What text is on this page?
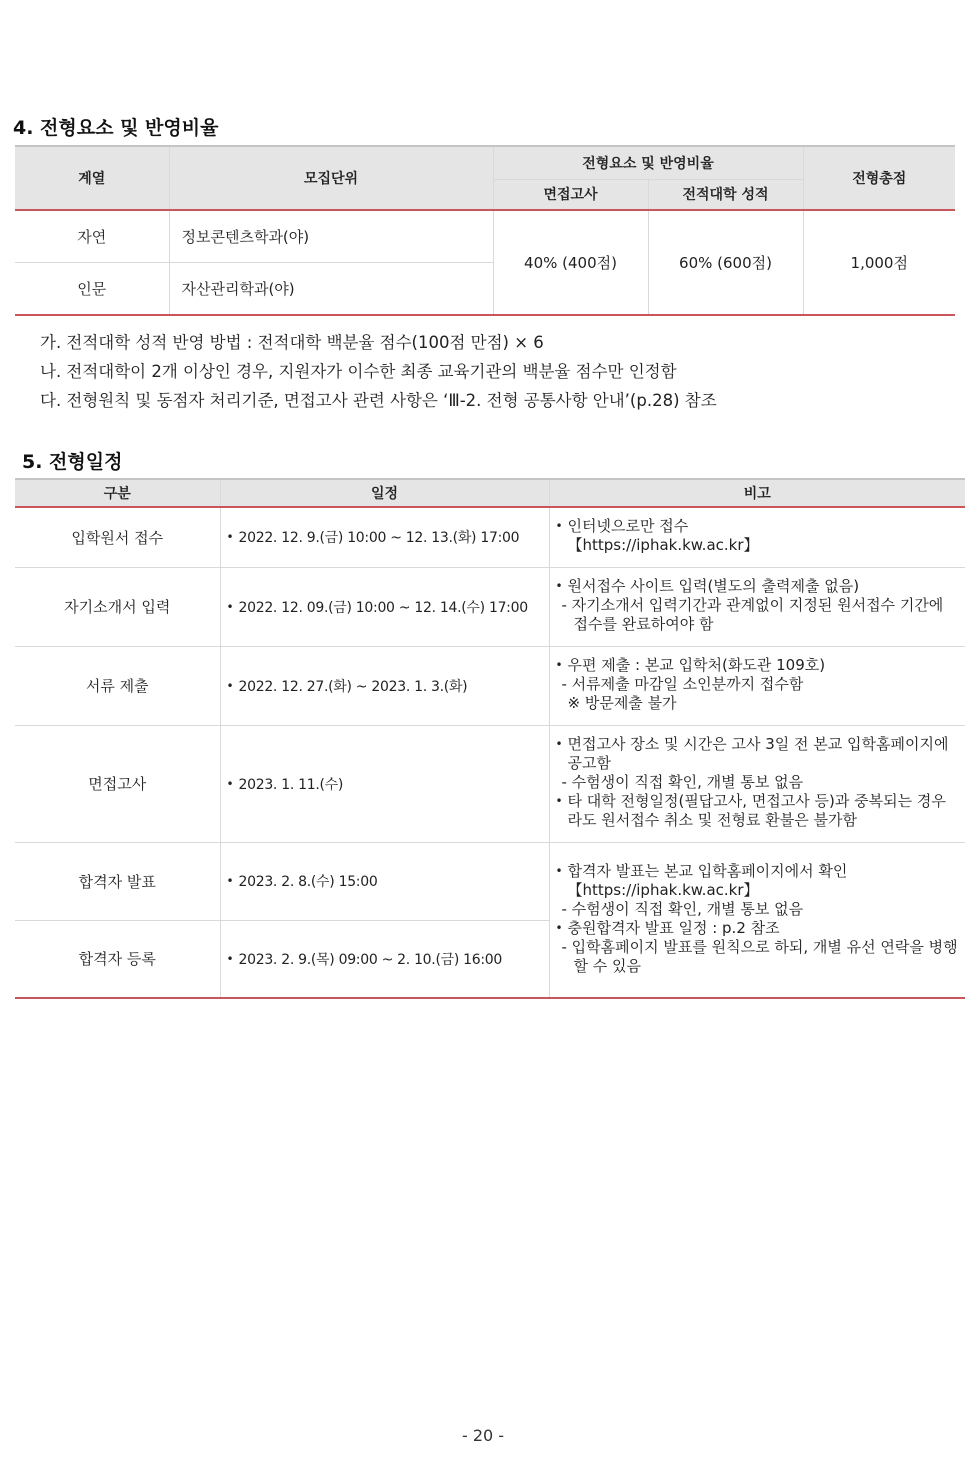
4. 전형요소 및 반영비율
계열	모집단위	전형요소 및 반영비율		전형총점
		면접고사	전적대학 성적	
자연	정보콘텐츠학과(야)	40% (400점)	60% (600점)	1,000점
인문	자산관리학과(야)			
가. 전적대학 성적 반영 방법 : 전적대학 백분율 점수(100점 만점) × 6
나. 전적대학이 2개 이상인 경우, 지원자가 이수한 최종 교육기관의 백분율 점수만 인정함
다. 전형원칙 및 동점자 처리기준, 면접고사 관련 사항은 ‘Ⅲ-2. 전형 공통사항 안내’(p.28) 참조
5. 전형일정
구분	일정	비고
입학원서 접수	• 2022. 12. 9.(금) 10:00 ~ 12. 13.(화) 17:00	• 인터넷으로만 접수
【https://iphak.kw.ac.kr】

자기소개서 입력	• 2022. 12. 09.(금) 10:00 ~ 12. 14.(수) 17:00	• 원서접수 사이트 입력(별도의 출력제출 없음)
- 자기소개서 입력기간과 관계없이 지정된 원서접수 기간에 접수를 완료하여야 함

서류 제출	• 2022. 12. 27.(화) ~ 2023. 1. 3.(화)	• 우편 제출 : 본교 입학처(화도관 109호)
- 서류제출 마감일 소인분까지 접수함
※ 방문제출 불가

면접고사	• 2023. 1. 11.(수)	• 면접고사 장소 및 시간은 고사 3일 전 본교 입학홈페이지에 공고함
- 수험생이 직접 확인, 개별 통보 없음
• 타 대학 전형일정(필답고사, 면접고사 등)과 중복되는 경우라도 원서접수 취소 및 전형료 환불은 불가함

합격자 발표	• 2023. 2. 8.(수) 15:00	• 합격자 발표는 본교 입학홈페이지에서 확인
【https://iphak.kw.ac.kr】
- 수험생이 직접 확인, 개별 통보 없음
• 충원합격자 발표 일정 : p.2 참조
- 입학홈페이지 발표를 원칙으로 하되, 개별 유선 연락을 병행할 수 있음

합격자 등록	• 2023. 2. 9.(목) 09:00 ~ 2. 10.(금) 16:00
- 20 -
